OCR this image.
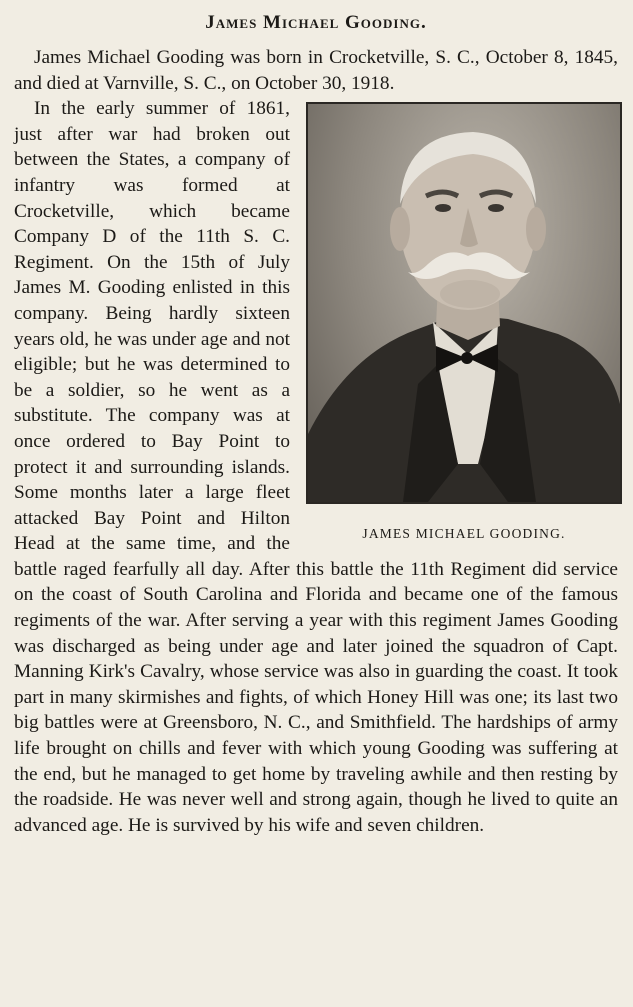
James Michael Gooding.

James Michael Gooding was born in Crocketville, S. C., October 8, 1845, and died at Varnville, S. C., on October 30, 1918.

JAMES MICHAEL GOODING.

In the early summer of 1861, just after war had broken out between the States, a company of infantry was formed at Crocketville, which became Company D of the 11th S. C. Regiment. On the 15th of July James M. Gooding enlisted in this company. Being hardly sixteen years old, he was under age and not eligible; but he was determined to be a soldier, so he went as a substitute. The company was at once ordered to Bay Point to protect it and surrounding islands. Some months later a large fleet attacked Bay Point and Hilton Head at the same time, and the battle raged fearfully all day. After this battle the 11th Regiment did service on the coast of South Carolina and Florida and became one of the famous regiments of the war. After serving a year with this regiment James Gooding was discharged as being under age and later joined the squadron of Capt. Manning Kirk's Cavalry, whose service was also in guarding the coast. It took part in many skirmishes and fights, of which Honey Hill was one; its last two big battles were at Greensboro, N. C., and Smithfield. The hardships of army life brought on chills and fever with which young Gooding was suffering at the end, but he managed to get home by traveling awhile and then resting by the roadside. He was never well and strong again, though he lived to quite an advanced age. He is survived by his wife and seven children.
